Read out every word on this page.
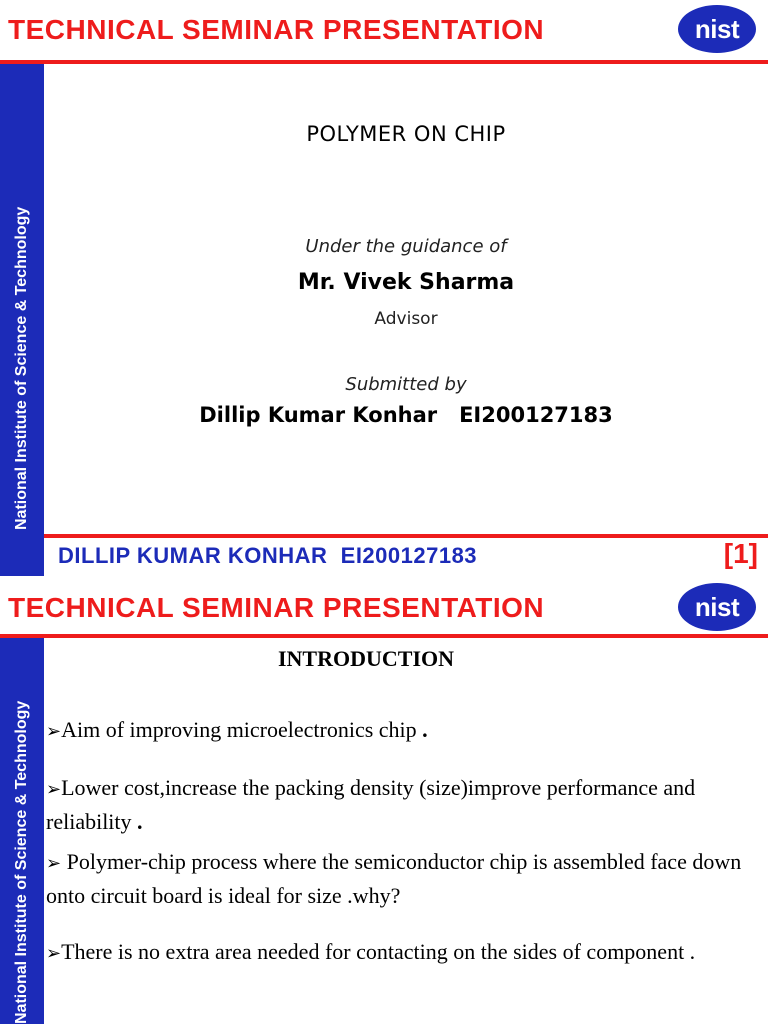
TECHNICAL SEMINAR PRESENTATION	nist
National Institute of Science & Technology
POLYMER ON CHIP
Under the guidance of
Mr. Vivek Sharma
Advisor
Submitted by
Dillip Kumar Konhar   EI200127183
DILLIP KUMAR KONHAR  EI200127183	[1]
TECHNICAL SEMINAR PRESENTATION	nist
National Institute of Science & Technology
INTRODUCTION
➢Aim of improving microelectronics chip .
➢Lower cost,increase the packing density (size)improve performance and reliability .
➢ Polymer-chip process where the semiconductor chip is assembled face down onto circuit board is ideal for size .why?
➢There is no extra area needed for contacting on the sides of component .
